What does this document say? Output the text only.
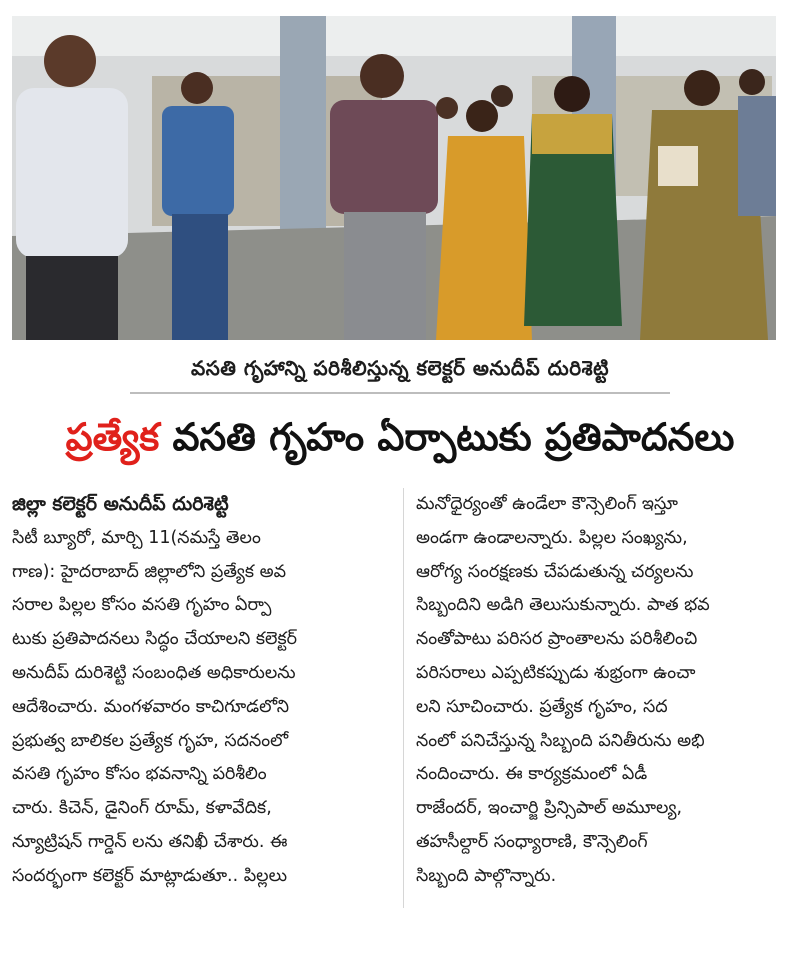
వసతి గృహాన్ని పరిశీలిస్తున్న కలెక్టర్ అనుదీప్ దురిశెట్టి
ప్రత్యేక వసతి గృహం ఏర్పాటుకు ప్రతిపాదనలు
జిల్లా కలెక్టర్ అనుదీప్ దురిశెట్టి
సిటీ బ్యూరో, మార్చి 11(నమస్తే తెలం
గాణ): హైదరాబాద్ జిల్లాలోని ప్రత్యేక అవ
సరాల పిల్లల కోసం వసతి గృహం ఏర్పా
టుకు ప్రతిపాదనలు సిద్ధం చేయాలని కలెక్టర్
అనుదీప్ దురిశెట్టి సంబంధిత అధికారులను
ఆదేశించారు. మంగళవారం కాచిగూడలోని
ప్రభుత్వ బాలికల ప్రత్యేక గృహ, సదనంలో
వసతి గృహం కోసం భవనాన్ని పరిశీలిం
చారు. కిచెన్, డైనింగ్ రూమ్, కళావేదిక,
న్యూట్రిషన్ గార్డెన్ లను తనిఖీ చేశారు. ఈ
సందర్భంగా కలెక్టర్ మాట్లాడుతూ.. పిల్లలు
మనోధైర్యంతో ఉండేలా కౌన్సెలింగ్ ఇస్తూ
అండగా ఉండాలన్నారు. పిల్లల సంఖ్యను,
ఆరోగ్య సంరక్షణకు చేపడుతున్న చర్యలను
సిబ్బందిని అడిగి తెలుసుకున్నారు. పాత భవ
నంతోపాటు పరిసర ప్రాంతాలను పరిశీలించి
పరిసరాలు ఎప్పటికప్పుడు శుభ్రంగా ఉంచా
లని సూచించారు. ప్రత్యేక గృహం, సద
నంలో పనిచేస్తున్న సిబ్బంది పనితీరును అభి
నందించారు. ఈ కార్యక్రమంలో ఏడీ
రాజేందర్, ఇంచార్జి ప్రిన్సిపాల్ అమూల్య,
తహసీల్దార్ సంధ్యారాణి, కౌన్సెలింగ్
సిబ్బంది పాల్గొన్నారు.
